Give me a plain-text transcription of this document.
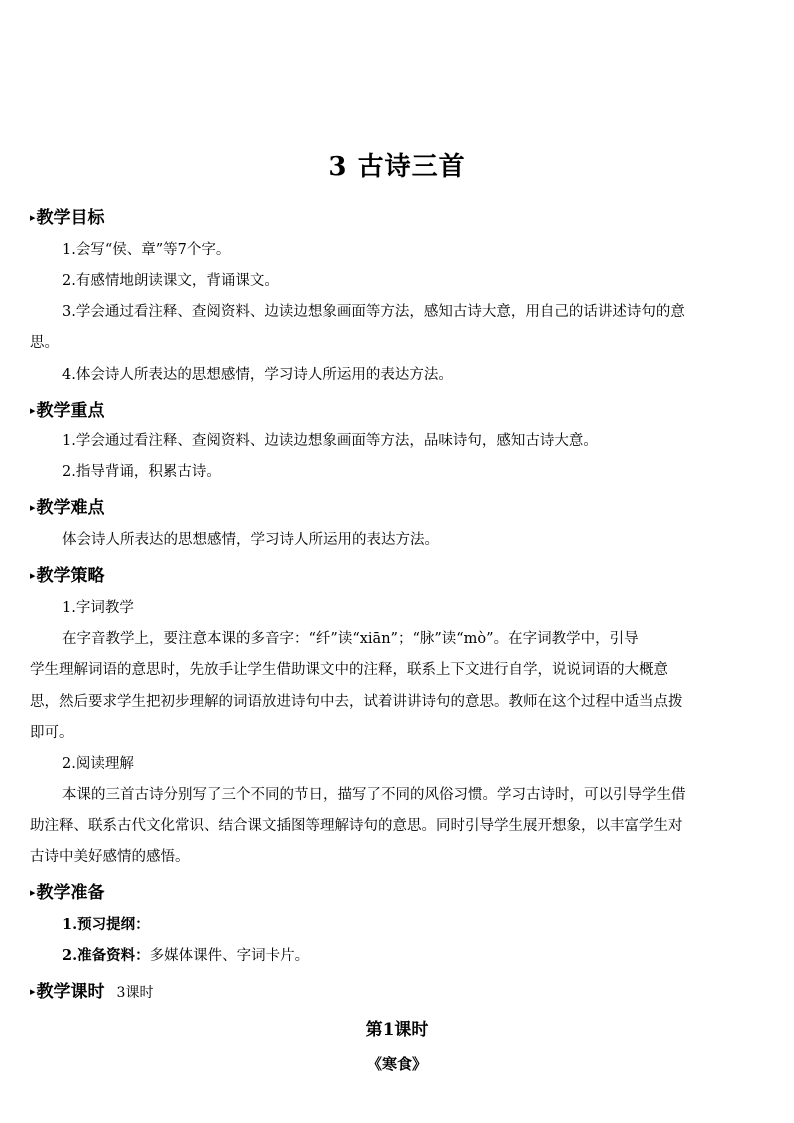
3 古诗三首
▸教学目标
1.会写“侯、章”等7个字。
2.有感情地朗读课文，背诵课文。
3.学会通过看注释、查阅资料、边读边想象画面等方法，感知古诗大意，用自己的话讲述诗句的意
思。
4.体会诗人所表达的思想感情，学习诗人所运用的表达方法。
▸教学重点
1.学会通过看注释、查阅资料、边读边想象画面等方法，品味诗句，感知古诗大意。
2.指导背诵，积累古诗。
▸教学难点
体会诗人所表达的思想感情，学习诗人所运用的表达方法。
▸教学策略
1.字词教学
在字音教学上，要注意本课的多音字：“纤”读“xiān”；“脉”读“mò”。在字词教学中，引导
学生理解词语的意思时，先放手让学生借助课文中的注释，联系上下文进行自学，说说词语的大概意
思，然后要求学生把初步理解的词语放进诗句中去，试着讲讲诗句的意思。教师在这个过程中适当点拨
即可。
2.阅读理解
本课的三首古诗分别写了三个不同的节日，描写了不同的风俗习惯。学习古诗时，可以引导学生借
助注释、联系古代文化常识、结合课文插图等理解诗句的意思。同时引导学生展开想象，以丰富学生对
古诗中美好感情的感悟。
▸教学准备
1.预习提纲：
2.准备资料：多媒体课件、字词卡片。
▸教学课时 3课时
第1课时
《寒食》
